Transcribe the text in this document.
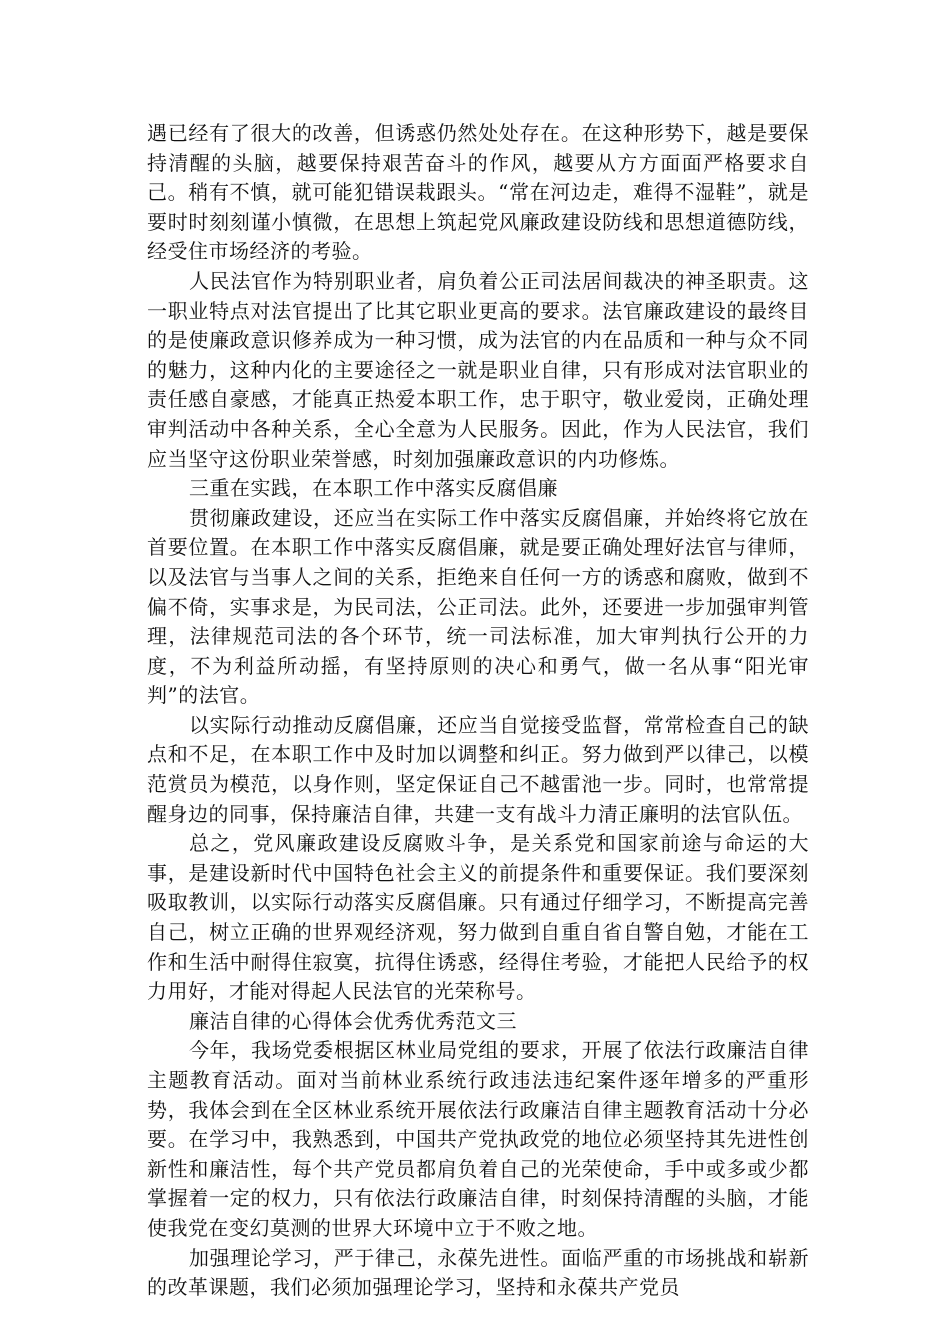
遇已经有了很大的改善，但诱惑仍然处处存在。在这种形势下，越是要保持清醒的头脑，越要保持艰苦奋斗的作风，越要从方方面面严格要求自己。稍有不慎，就可能犯错误栽跟头。“常在河边走，难得不湿鞋”，就是要时时刻刻谨小慎微，在思想上筑起党风廉政建设防线和思想道德防线，经受住市场经济的考验。

人民法官作为特别职业者，肩负着公正司法居间裁决的神圣职责。这一职业特点对法官提出了比其它职业更高的要求。法官廉政建设的最终目的是使廉政意识修养成为一种习惯，成为法官的内在品质和一种与众不同的魅力，这种内化的主要途径之一就是职业自律，只有形成对法官职业的责任感自豪感，才能真正热爱本职工作，忠于职守，敬业爱岗，正确处理审判活动中各种关系，全心全意为人民服务。因此，作为人民法官，我们应当坚守这份职业荣誉感，时刻加强廉政意识的内功修炼。

三重在实践，在本职工作中落实反腐倡廉

贯彻廉政建设，还应当在实际工作中落实反腐倡廉，并始终将它放在首要位置。在本职工作中落实反腐倡廉，就是要正确处理好法官与律师，以及法官与当事人之间的关系，拒绝来自任何一方的诱惑和腐败，做到不偏不倚，实事求是，为民司法，公正司法。此外，还要进一步加强审判管理，法律规范司法的各个环节，统一司法标准，加大审判执行公开的力度，不为利益所动摇，有坚持原则的决心和勇气，做一名从事“阳光审判”的法官。

以实际行动推动反腐倡廉，还应当自觉接受监督，常常检查自己的缺点和不足，在本职工作中及时加以调整和纠正。努力做到严以律己，以模范赏员为模范，以身作则，坚定保证自己不越雷池一步。同时，也常常提醒身边的同事，保持廉洁自律，共建一支有战斗力清正廉明的法官队伍。

总之，党风廉政建设反腐败斗争，是关系党和国家前途与命运的大事，是建设新时代中国特色社会主义的前提条件和重要保证。我们要深刻吸取教训，以实际行动落实反腐倡廉。只有通过仔细学习，不断提高完善自己，树立正确的世界观经济观，努力做到自重自省自警自勉，才能在工作和生活中耐得住寂寞，抗得住诱惑，经得住考验，才能把人民给予的权力用好，才能对得起人民法官的光荣称号。

廉洁自律的心得体会优秀优秀范文三

今年，我场党委根据区林业局党组的要求，开展了依法行政廉洁自律主题教育活动。面对当前林业系统行政违法违纪案件逐年增多的严重形势，我体会到在全区林业系统开展依法行政廉洁自律主题教育活动十分必要。在学习中，我熟悉到，中国共产党执政党的地位必须坚持其先进性创新性和廉洁性，每个共产党员都肩负着自己的光荣使命，手中或多或少都掌握着一定的权力，只有依法行政廉洁自律，时刻保持清醒的头脑，才能使我党在变幻莫测的世界大环境中立于不败之地。

加强理论学习，严于律己，永葆先进性。面临严重的市场挑战和崭新的改革课题，我们必须加强理论学习，坚持和永葆共产党员
